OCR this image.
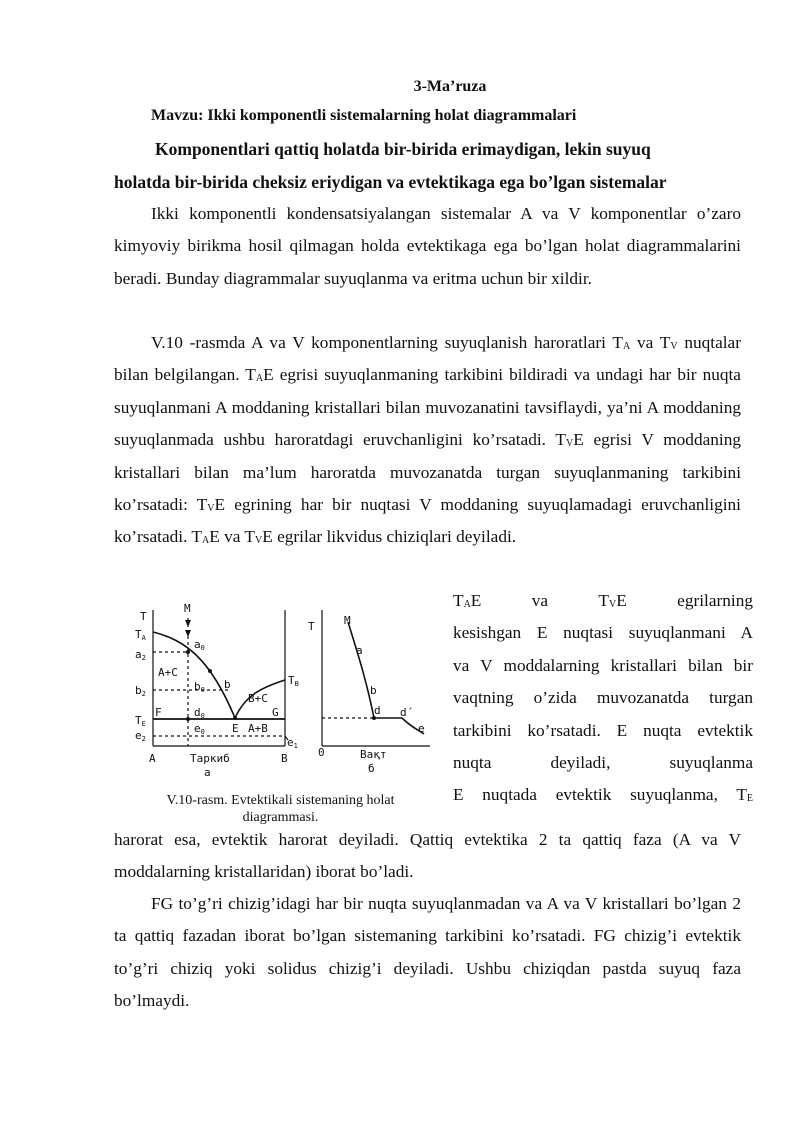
3-Ma’ruza
Mavzu: Ikki komponentli sistemalarning holat diagrammalari
Komponentlari qattiq holatda bir-birida erimaydigan, lekin suyuq
holatda bir-birida cheksiz eriydigan va evtektikaga ega bo’lgan sistemalar

Ikki komponentli kondensatsiyalangan sistemalar A va V komponentlar o’zaro kimyoviy birikma hosil qilmagan holda evtektikaga ega bo’lgan holat diagrammalarini beradi. Bunday diagrammalar suyuqlanma va eritma uchun bir xildir.

V.10 -rasmda A va V komponentlarning suyuqlanish haroratlari $T_A$ va $T_V$ nuqtalar bilan belgilangan. $T_AE$ egrisi suyuqlanmaning tarkibini bildiradi va undagi har bir nuqta suyuqlanmani A moddaning kristallari bilan muvozanatini tavsiflaydi, ya’ni A moddaning suyuqlanmada ushbu haroratdagi eruvchanligini ko’rsatadi. $T_VE$ egrisi V moddaning kristallari bilan ma’lum haroratda muvozanatda turgan suyuqlanmaning tarkibini ko’rsatadi: $T_VE$ egrining har bir nuqtasi V moddaning suyuqlamadagi eruvchanligini ko’rsatadi. $T_AE$ va $T_VE$ egrilar likvidus chiziqlari deyiladi.

T
M
TA
a2
b2
TE
e2
a0
b0 b
d0
e0 E
G
F
e1
A+C
B+C
A+B
TB
A	B
Таркиб
a
T	M
a
b
d d´
e
0	Вақт
б
V.10-rasm. Evtektikali sistemaning holat diagrammasi.
$T_AE$	va	$T_VE$	egrilarning
kesishgan E nuqtasi suyuqlanmani A
va V moddalarning kristallari bilan bir
vaqtning o’zida muvozanatda turgan
tarkibini ko’rsatadi. E nuqta evtektik
nuqta deyiladi, suyuqlanma
E nuqtada evtektik suyuqlanma, $T_E$

harorat esa, evtektik harorat deyiladi. Qattiq evtektika 2 ta qattiq faza (A va V moddalarning kristallaridan) iborat bo’ladi.

FG to’g’ri chizig’idagi har bir nuqta suyuqlanmadan va A va V kristallari bo’lgan 2 ta qattiq fazadan iborat bo’lgan sistemaning tarkibini ko’rsatadi. FG chizig’i evtektik to’g’ri chiziq yoki solidus chizig’i deyiladi. Ushbu chiziqdan pastda suyuq faza bo’lmaydi.
